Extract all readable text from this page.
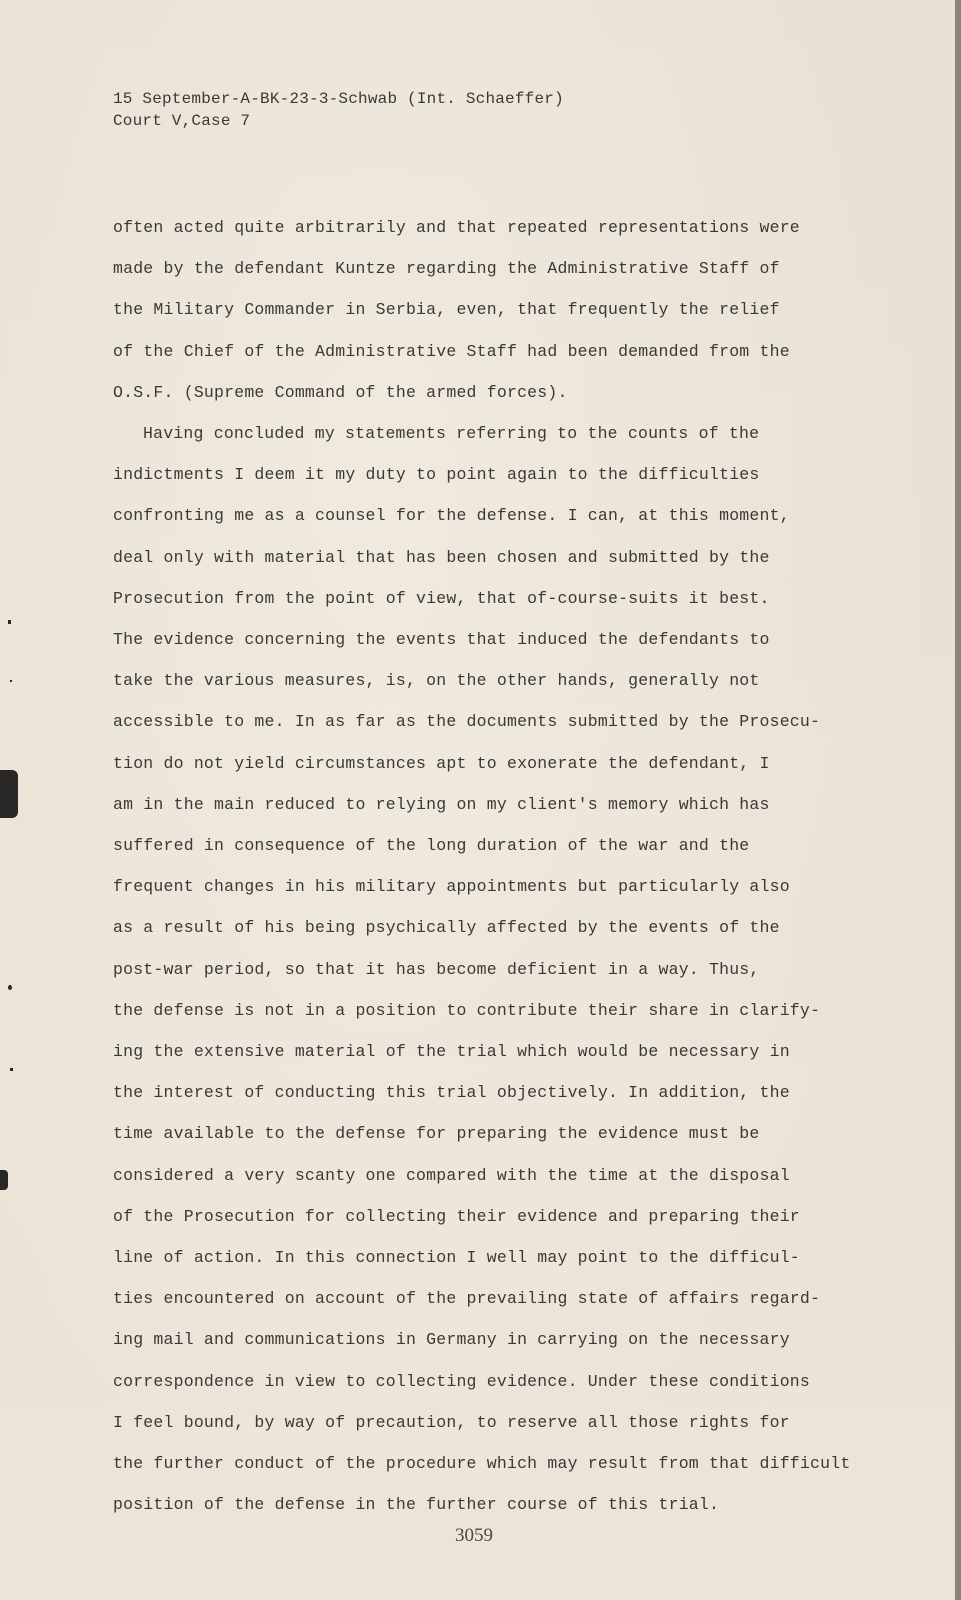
15 September-A-BK-23-3-Schwab (Int. Schaeffer)
Court V,Case 7
often acted quite arbitrarily and that repeated representations were
made by the defendant Kuntze regarding the Administrative Staff of
the Military Commander in Serbia, even, that frequently the relief
of the Chief of the Administrative Staff had been demanded from the
O.S.F. (Supreme Command of the armed forces).
Having concluded my statements referring to the counts of the
indictments I deem it my duty to point again to the difficulties
confronting me as a counsel for the defense. I can, at this moment,
deal only with material that has been chosen and submitted by the
Prosecution from the point of view, that of-course-suits it best.
The evidence concerning the events that induced the defendants to
take the various measures, is, on the other hands, generally not
accessible to me. In as far as the documents submitted by the Prosecu-
tion do not yield circumstances apt to exonerate the defendant, I
am in the main reduced to relying on my client's memory which has
suffered in consequence of the long duration of the war and the
frequent changes in his military appointments but particularly also
as a result of his being psychically affected by the events of the
post-war period, so that it has become deficient in a way. Thus,
the defense is not in a position to contribute their share in clarify-
ing the extensive material of the trial which would be necessary in
the interest of conducting this trial objectively. In addition, the
time available to the defense for preparing the evidence must be
considered a very scanty one compared with the time at the disposal
of the Prosecution for collecting their evidence and preparing their
line of action. In this connection I well may point to the difficul-
ties encountered on account of the prevailing state of affairs regard-
ing mail and communications in Germany in carrying on the necessary
correspondence in view to collecting evidence. Under these conditions
I feel bound, by way of precaution, to reserve all those rights for
the further conduct of the procedure which may result from that difficult
position of the defense in the further course of this trial.
3059
